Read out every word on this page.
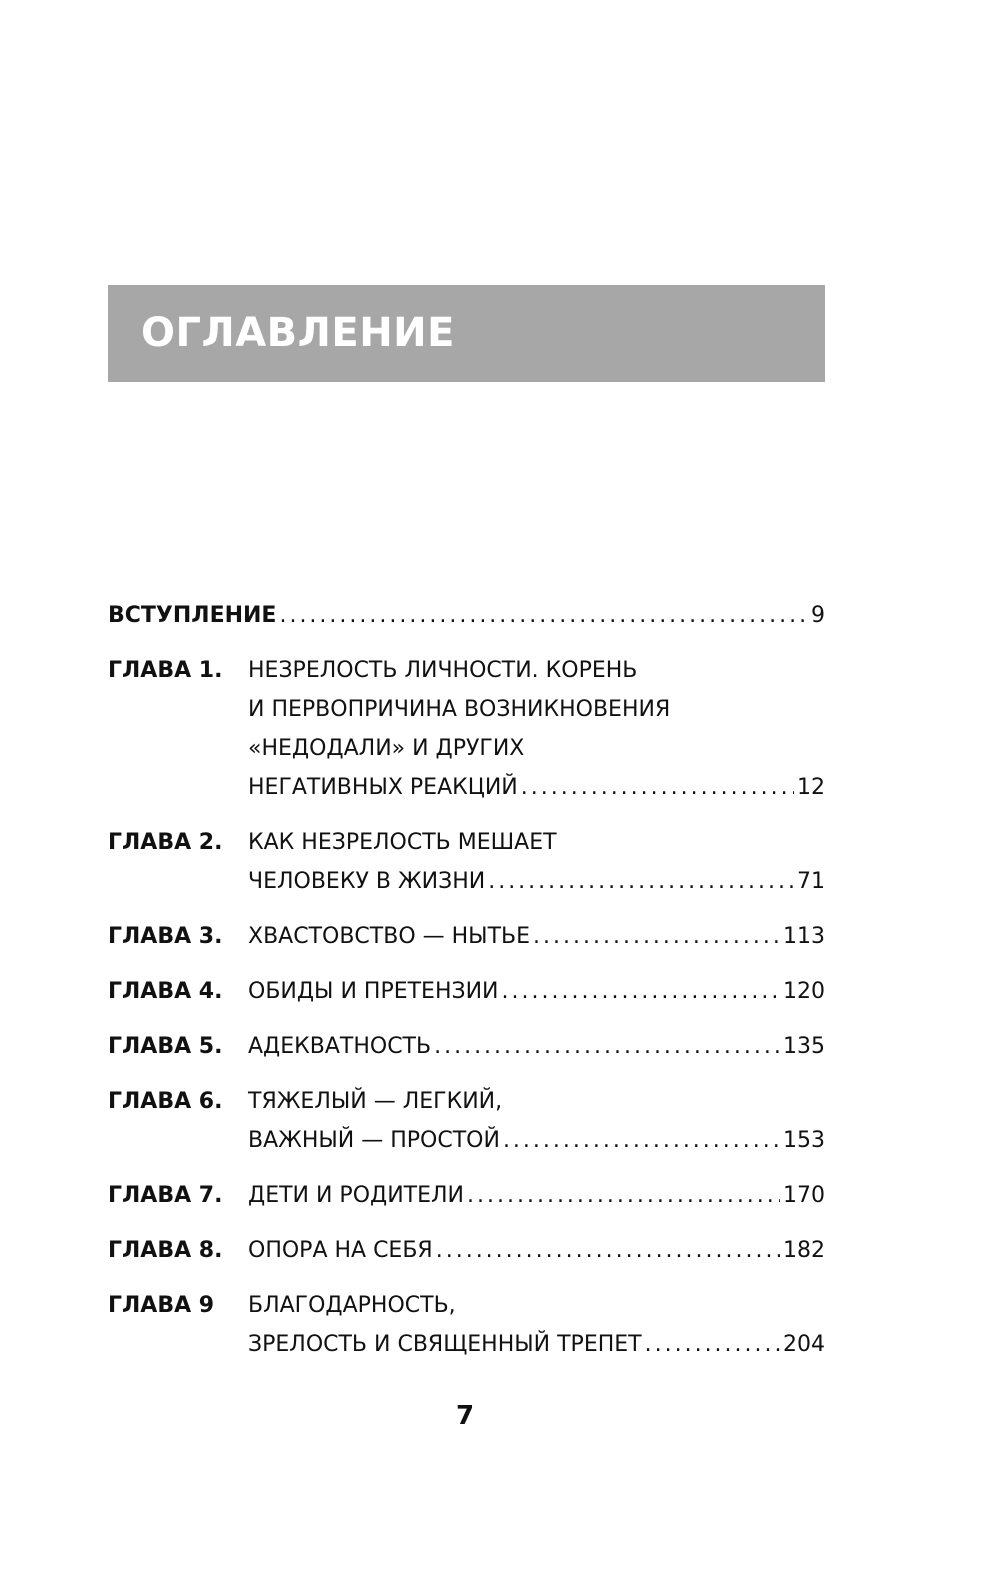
ОГЛАВЛЕНИЕ
ВСТУПЛЕНИЕ .....	9
ГЛАВА 1.	НЕЗРЕЛОСТЬ ЛИЧНОСТИ. КОРЕНЬ
И ПЕРВОПРИЧИНА ВОЗНИКНОВЕНИЯ
«НЕДОДАЛИ» И ДРУГИХ
НЕГАТИВНЫХ РЕАКЦИЙ .....	12
ГЛАВА 2.	КАК НЕЗРЕЛОСТЬ МЕШАЕТ
ЧЕЛОВЕКУ В ЖИЗНИ .....	71
ГЛАВА 3.	ХВАСТОВСТВО — НЫТЬЕ .....	113
ГЛАВА 4.	ОБИДЫ И ПРЕТЕНЗИИ .....	120
ГЛАВА 5.	АДЕКВАТНОСТЬ .....	135
ГЛАВА 6.	ТЯЖЕЛЫЙ — ЛЕГКИЙ,
ВАЖНЫЙ — ПРОСТОЙ .....	153
ГЛАВА 7.	ДЕТИ И РОДИТЕЛИ .....	170
ГЛАВА 8.	ОПОРА НА СЕБЯ .....	182
ГЛАВА 9	БЛАГОДАРНОСТЬ,
ЗРЕЛОСТЬ И СВЯЩЕННЫЙ ТРЕПЕТ .....	204
7
